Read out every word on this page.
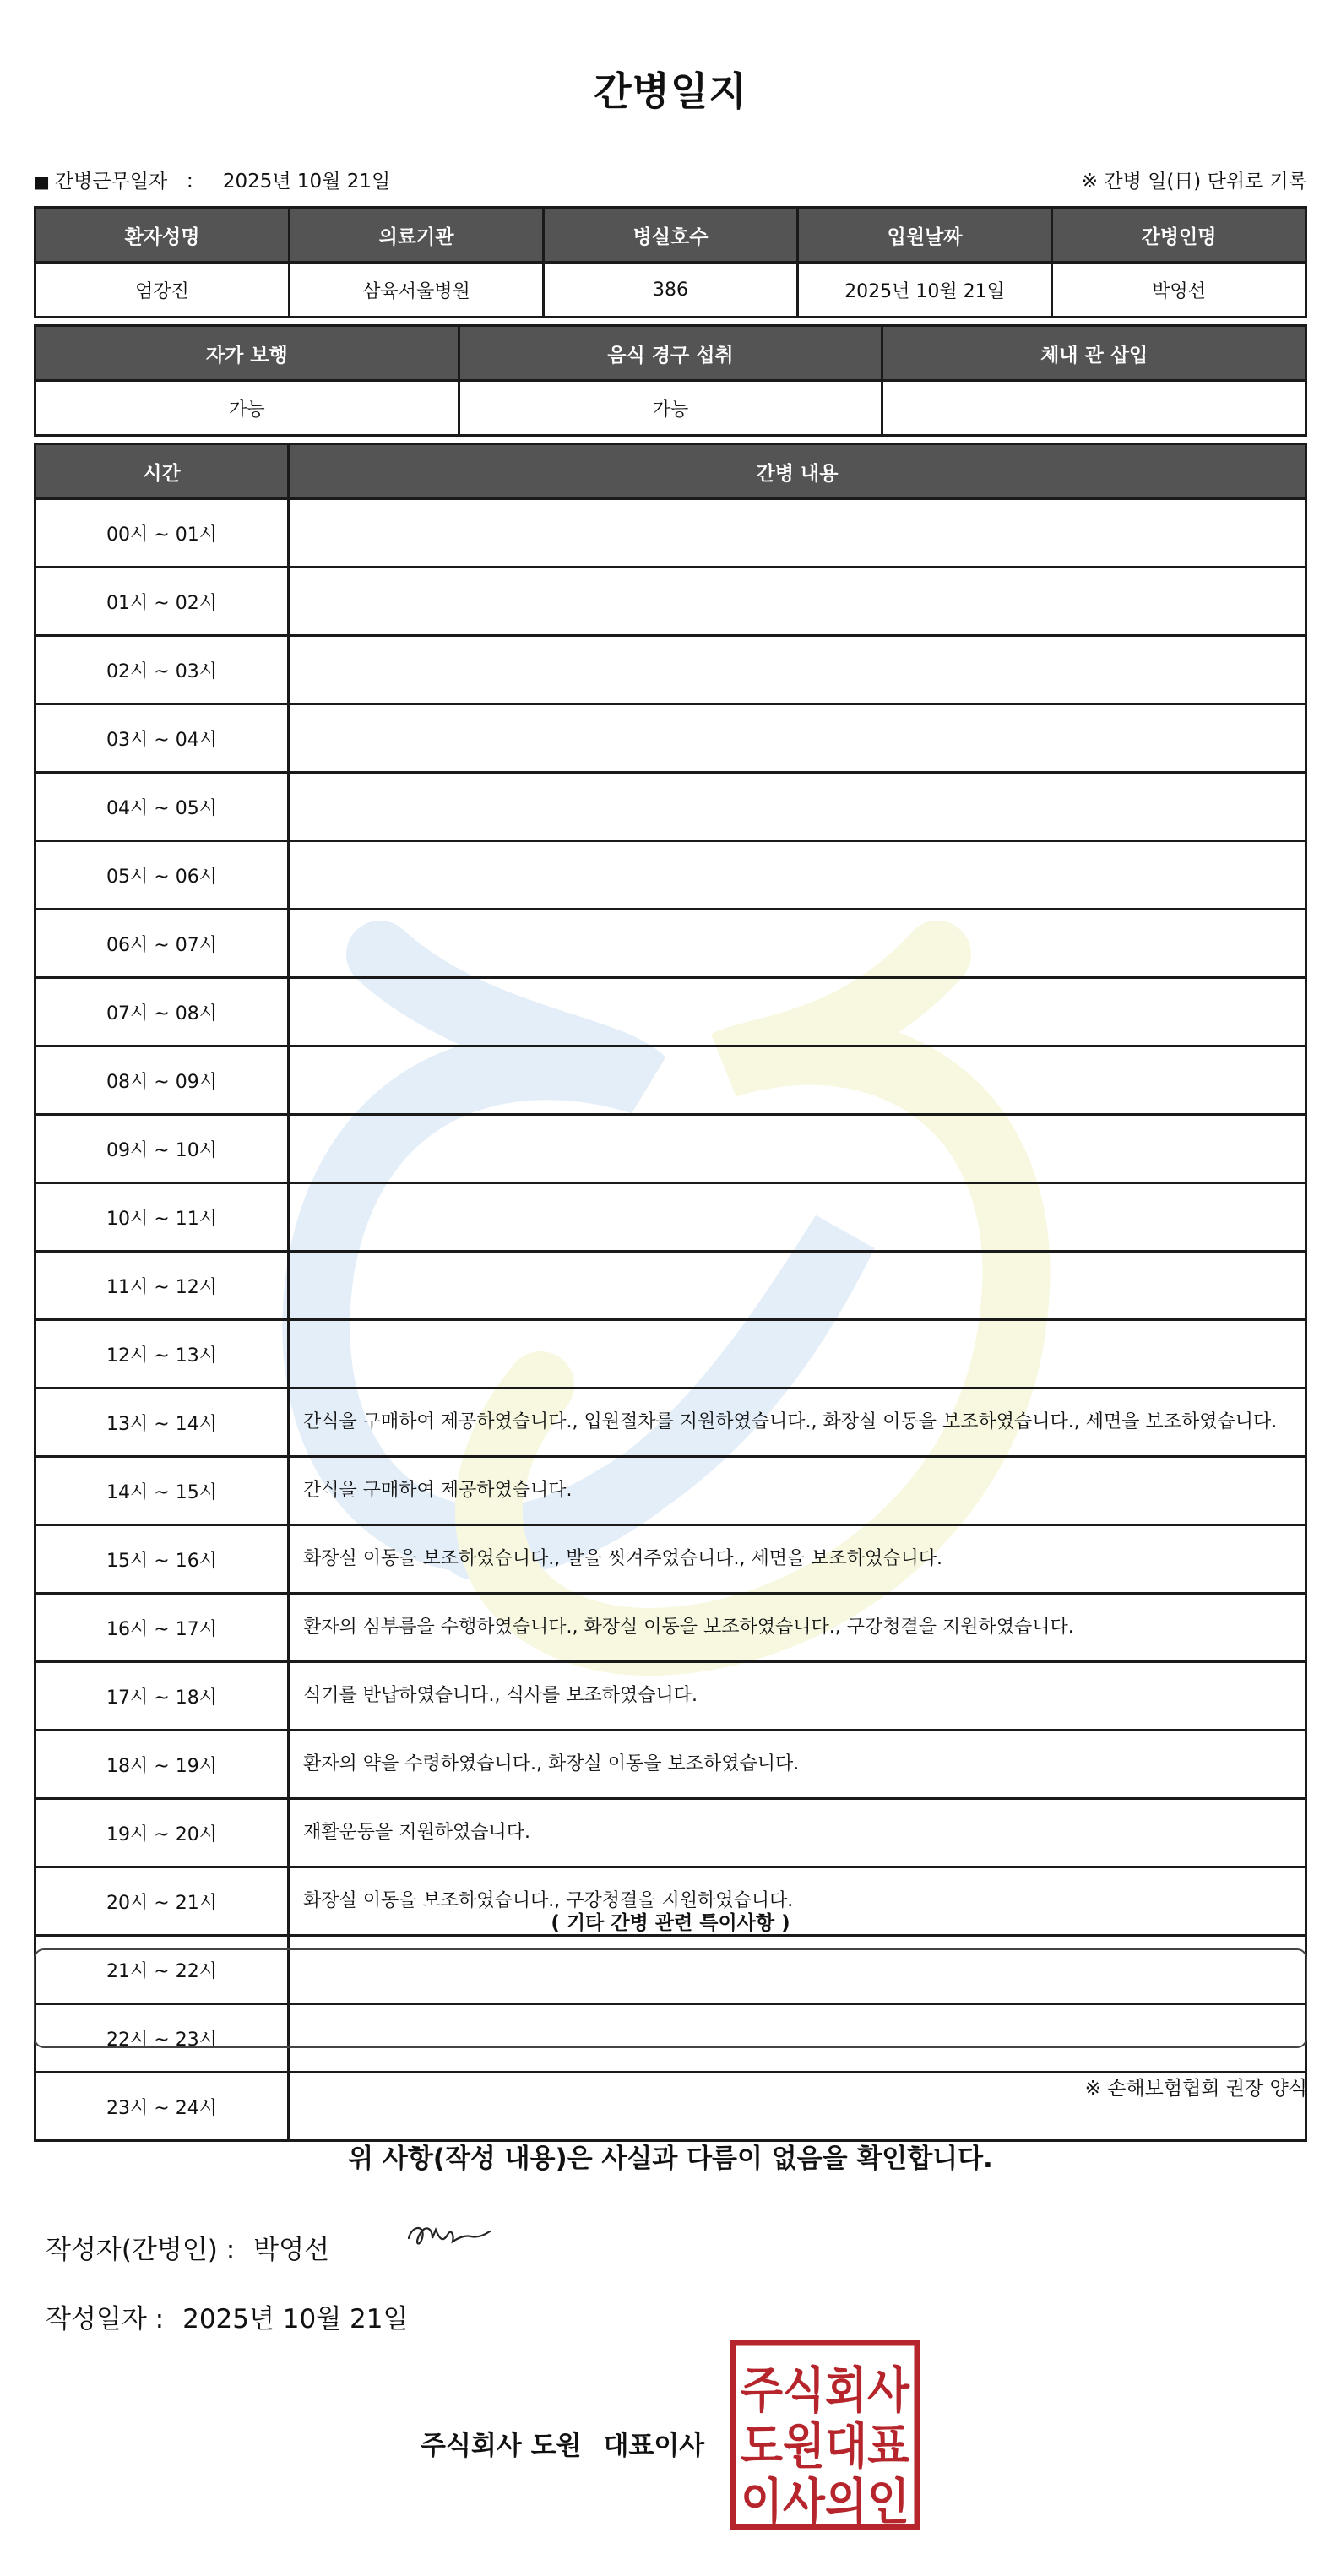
간병일지
■ 간병근무일자 ： 2025년 10월 21일	※ 간병 일(日) 단위로 기록
환자성명	의료기관	병실호수	입원날짜	간병인명
엄강진	삼육서울병원	386	2025년 10월 21일	박영선
자가 보행	음식 경구 섭취	체내 관 삽입
가능	가능	
시간	간병 내용
00시 ~ 01시	
01시 ~ 02시	
02시 ~ 03시	
03시 ~ 04시	
04시 ~ 05시	
05시 ~ 06시	
06시 ~ 07시	
07시 ~ 08시	
08시 ~ 09시	
09시 ~ 10시	
10시 ~ 11시	
11시 ~ 12시	
12시 ~ 13시	
13시 ~ 14시	간식을 구매하여 제공하였습니다., 입원절차를 지원하였습니다., 화장실 이동을 보조하였습니다., 세면을 보조하였습니다.
14시 ~ 15시	간식을 구매하여 제공하였습니다.
15시 ~ 16시	화장실 이동을 보조하였습니다., 발을 씻겨주었습니다., 세면을 보조하였습니다.
16시 ~ 17시	환자의 심부름을 수행하였습니다., 화장실 이동을 보조하였습니다., 구강청결을 지원하였습니다.
17시 ~ 18시	식기를 반납하였습니다., 식사를 보조하였습니다.
18시 ~ 19시	환자의 약을 수령하였습니다., 화장실 이동을 보조하였습니다.
19시 ~ 20시	재활운동을 지원하였습니다.
20시 ~ 21시	화장실 이동을 보조하였습니다., 구강청결을 지원하였습니다.
21시 ~ 22시	
22시 ~ 23시	
23시 ~ 24시	
( 기타 간병 관련 특이사항 )
※ 손해보험협회 권장 양식
위 사항(작성 내용)은 사실과 다름이 없음을 확인합니다.
작성자(간병인) : 박영선
작성일자 : 2025년 10월 21일
주식회사 도원 대표이사
주식회사
도원대표
이사의인
